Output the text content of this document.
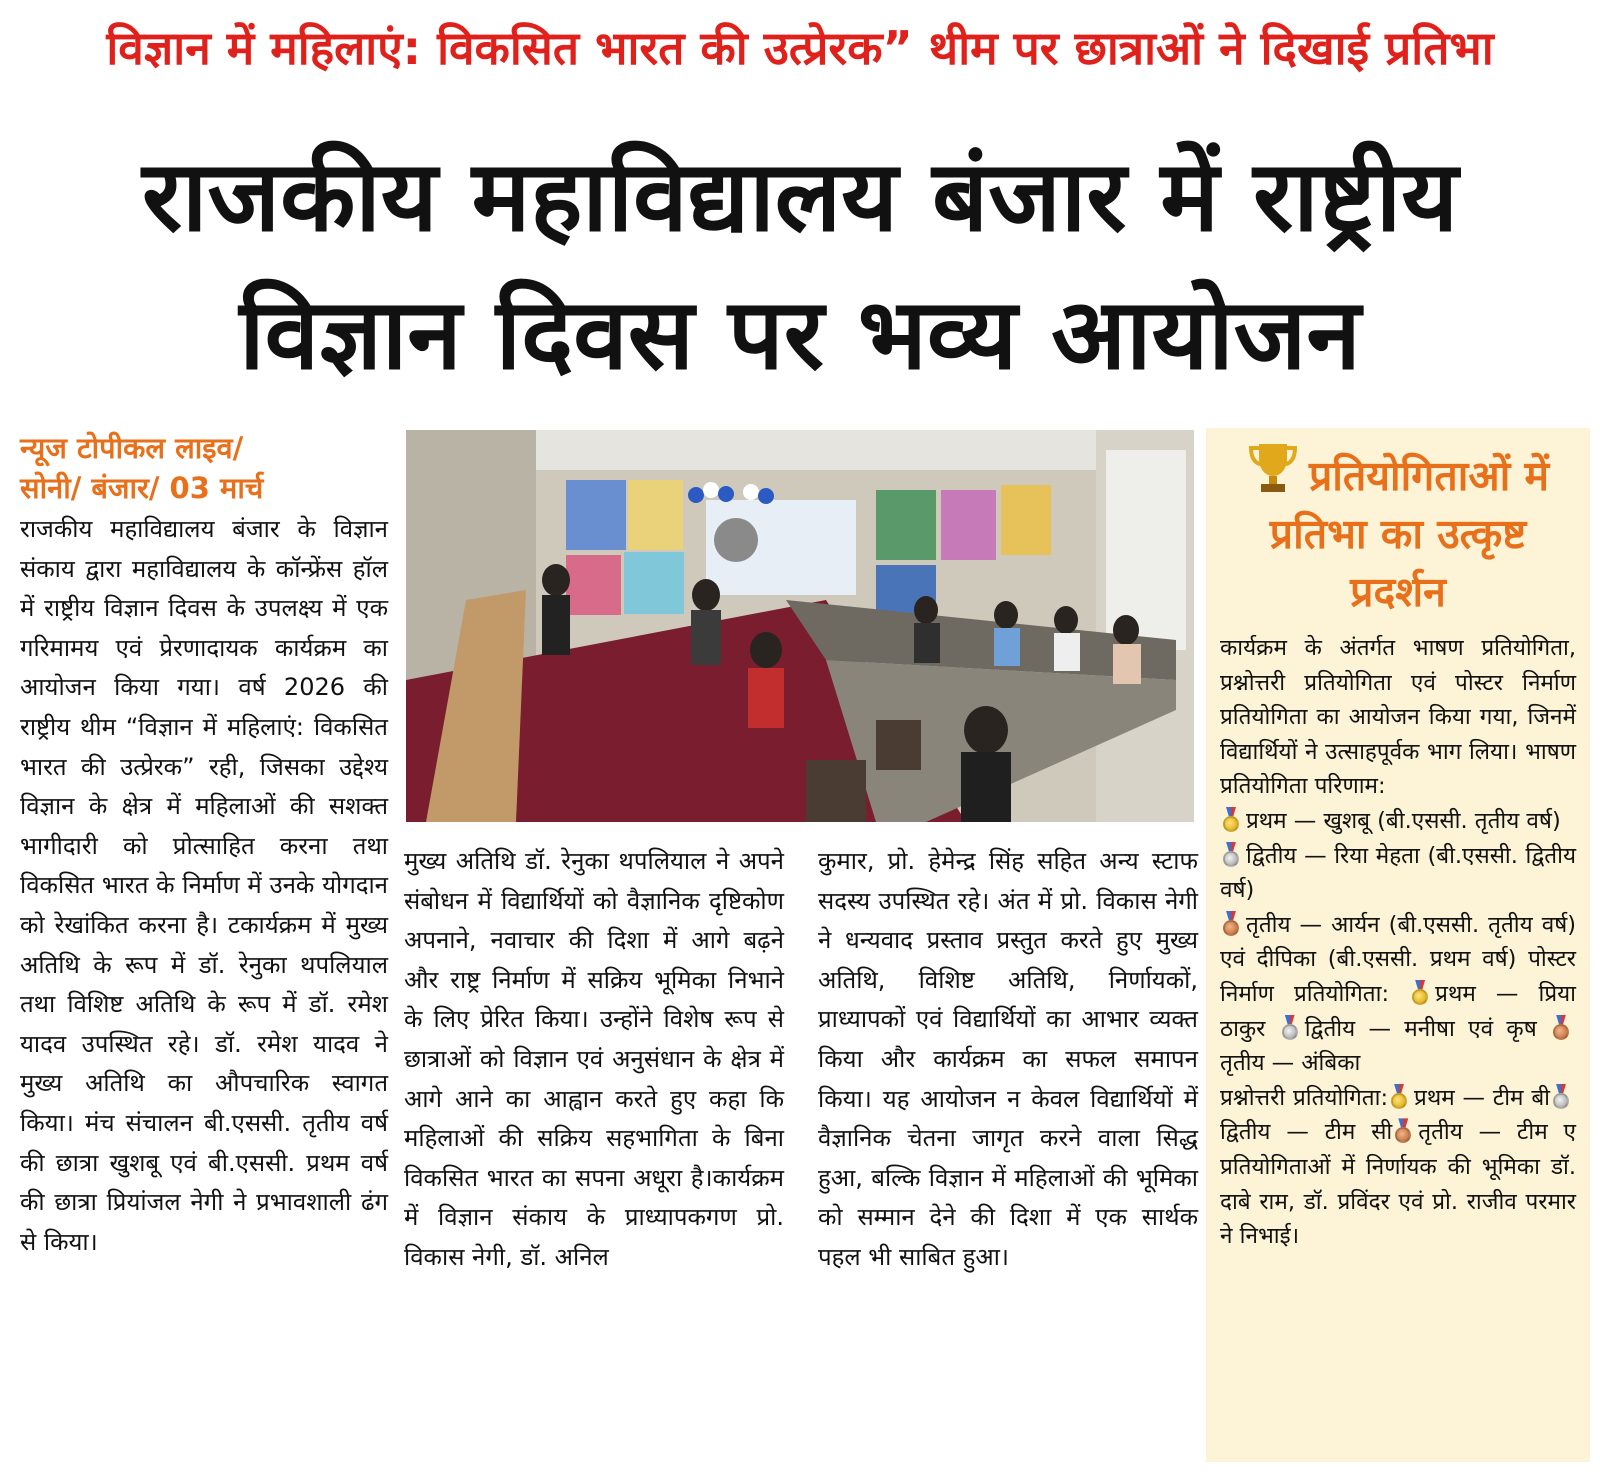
विज्ञान में महिलाएं: विकसित भारत की उत्प्रेरक” थीम पर छात्राओं ने दिखाई प्रतिभा
राजकीय महाविद्यालय बंजार में राष्ट्रीय
विज्ञान दिवस पर भव्य आयोजन
न्यूज टोपीकल लाइव/
सोनी/ बंजार/ 03 मार्च

राजकीय महाविद्यालय बंजार के विज्ञान संकाय द्वारा महाविद्यालय के कॉन्फ्रेंस हॉल में राष्ट्रीय विज्ञान दिवस के उपलक्ष्य में एक गरिमामय एवं प्रेरणादायक कार्यक्रम का आयोजन किया गया। वर्ष 2026 की राष्ट्रीय थीम “विज्ञान में महिलाएं: विकसित भारत की उत्प्रेरक” रही, जिसका उद्देश्य विज्ञान के क्षेत्र में महिलाओं की सशक्त भागीदारी को प्रोत्साहित करना तथा विकसित भारत के निर्माण में उनके योगदान को रेखांकित करना है। टकार्यक्रम में मुख्य अतिथि के रूप में डॉ. रेनुका थपलियाल तथा विशिष्ट अतिथि के रूप में डॉ. रमेश यादव उपस्थित रहे। डॉ. रमेश यादव ने मुख्य अतिथि का औपचारिक स्वागत किया। मंच संचालन बी.एससी. तृतीय वर्ष की छात्रा खुशबू एवं बी.एससी. प्रथम वर्ष की छात्रा प्रियांजल नेगी ने प्रभावशाली ढंग से किया।

मुख्य अतिथि डॉ. रेनुका थपलियाल ने अपने संबोधन में विद्यार्थियों को वैज्ञानिक दृष्टिकोण अपनाने, नवाचार की दिशा में आगे बढ़ने और राष्ट्र निर्माण में सक्रिय भूमिका निभाने के लिए प्रेरित किया। उन्होंने विशेष रूप से छात्राओं को विज्ञान एवं अनुसंधान के क्षेत्र में आगे आने का आह्वान करते हुए कहा कि महिलाओं की सक्रिय सहभागिता के बिना विकसित भारत का सपना अधूरा है।कार्यक्रम में विज्ञान संकाय के प्राध्यापकगण प्रो. विकास नेगी, डॉ. अनिल

कुमार, प्रो. हेमेन्द्र सिंह सहित अन्य स्टाफ सदस्य उपस्थित रहे। अंत में प्रो. विकास नेगी ने धन्यवाद प्रस्ताव प्रस्तुत करते हुए मुख्य अतिथि, विशिष्ट अतिथि, निर्णायकों, प्राध्यापकों एवं विद्यार्थियों का आभार व्यक्त किया और कार्यक्रम का सफल समापन किया। यह आयोजन न केवल विद्यार्थियों में वैज्ञानिक चेतना जागृत करने वाला सिद्ध हुआ, बल्कि विज्ञान में महिलाओं की भूमिका को सम्मान देने की दिशा में एक सार्थक पहल भी साबित हुआ।

प्रतियोगिताओं में प्रतिभा का उत्कृष्ट प्रदर्शन

कार्यक्रम के अंतर्गत भाषण प्रतियोगिता, प्रश्नोत्तरी प्रतियोगिता एवं पोस्टर निर्माण प्रतियोगिता का आयोजन किया गया, जिनमें विद्यार्थियों ने उत्साहपूर्वक भाग लिया। भाषण प्रतियोगिता परिणाम:
प्रथम — खुशबू (बी.एससी. तृतीय वर्ष)
द्वितीय — रिया मेहता (बी.एससी. द्वितीय वर्ष)
तृतीय — आर्यन (बी.एससी. तृतीय वर्ष) एवं दीपिका (बी.एससी. प्रथम वर्ष) पोस्टर निर्माण प्रतियोगिता: प्रथम — प्रिया ठाकुर द्वितीय — मनीषा एवं कृष तृतीय — अंबिका
प्रश्नोत्तरी प्रतियोगिता: प्रथम — टीम बीद्वितीय — टीम सी तृतीय — टीम ए प्रतियोगिताओं में निर्णायक की भूमिका डॉ. दाबे राम, डॉ. प्रविंदर एवं प्रो. राजीव परमार ने निभाई।
